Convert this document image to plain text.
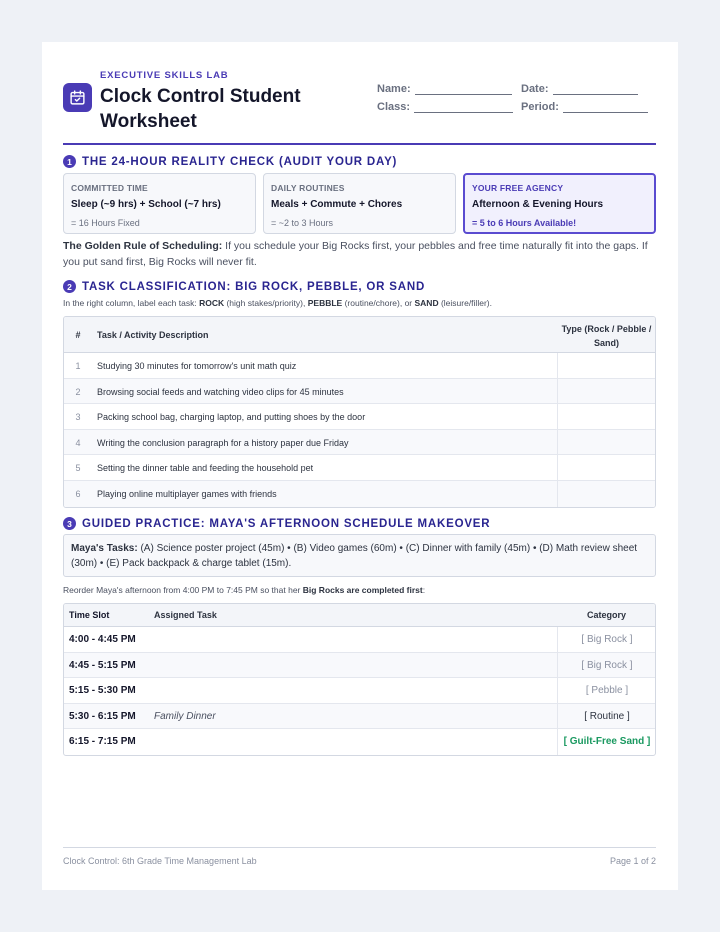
EXECUTIVE SKILLS LAB
Clock Control Student Worksheet
Name:	Date:
Class:	Period:
1 THE 24-HOUR REALITY CHECK (AUDIT YOUR DAY)
COMMITTED TIME
Sleep (~9 hrs) + School (~7 hrs)
= 16 Hours Fixed
DAILY ROUTINES
Meals + Commute + Chores
= ~2 to 3 Hours
YOUR FREE AGENCY
Afternoon & Evening Hours
= 5 to 6 Hours Available!
The Golden Rule of Scheduling: If you schedule your Big Rocks first, your pebbles and free time naturally fit into the gaps. If you put sand first, Big Rocks will never fit.
2 TASK CLASSIFICATION: BIG ROCK, PEBBLE, OR SAND
In the right column, label each task: ROCK (high stakes/priority), PEBBLE (routine/chore), or SAND (leisure/filler).
#	Task / Activity Description
Type (Rock / Pebble / Sand)
1	Studying 30 minutes for tomorrow's unit math quiz
2	Browsing social feeds and watching video clips for 45 minutes
3	Packing school bag, charging laptop, and putting shoes by the door
4	Writing the conclusion paragraph for a history paper due Friday
5	Setting the dinner table and feeding the household pet
6	Playing online multiplayer games with friends
3 GUIDED PRACTICE: MAYA'S AFTERNOON SCHEDULE MAKEOVER
Maya's Tasks: (A) Science poster project (45m) • (B) Video games (60m) • (C) Dinner with family (45m) • (D) Math review sheet (30m) • (E) Pack backpack & charge tablet (15m).
Reorder Maya's afternoon from 4:00 PM to 7:45 PM so that her Big Rocks are completed first:
Time Slot	Assigned Task	Category
4:00 - 4:45 PM	[ Big Rock ]
4:45 - 5:15 PM	[ Big Rock ]
5:15 - 5:30 PM	[ Pebble ]
5:30 - 6:15 PM Family Dinner	[ Routine ]
6:15 - 7:15 PM	[ Guilt-Free Sand ]
Clock Control: 6th Grade Time Management Lab	Page 1 of 2
